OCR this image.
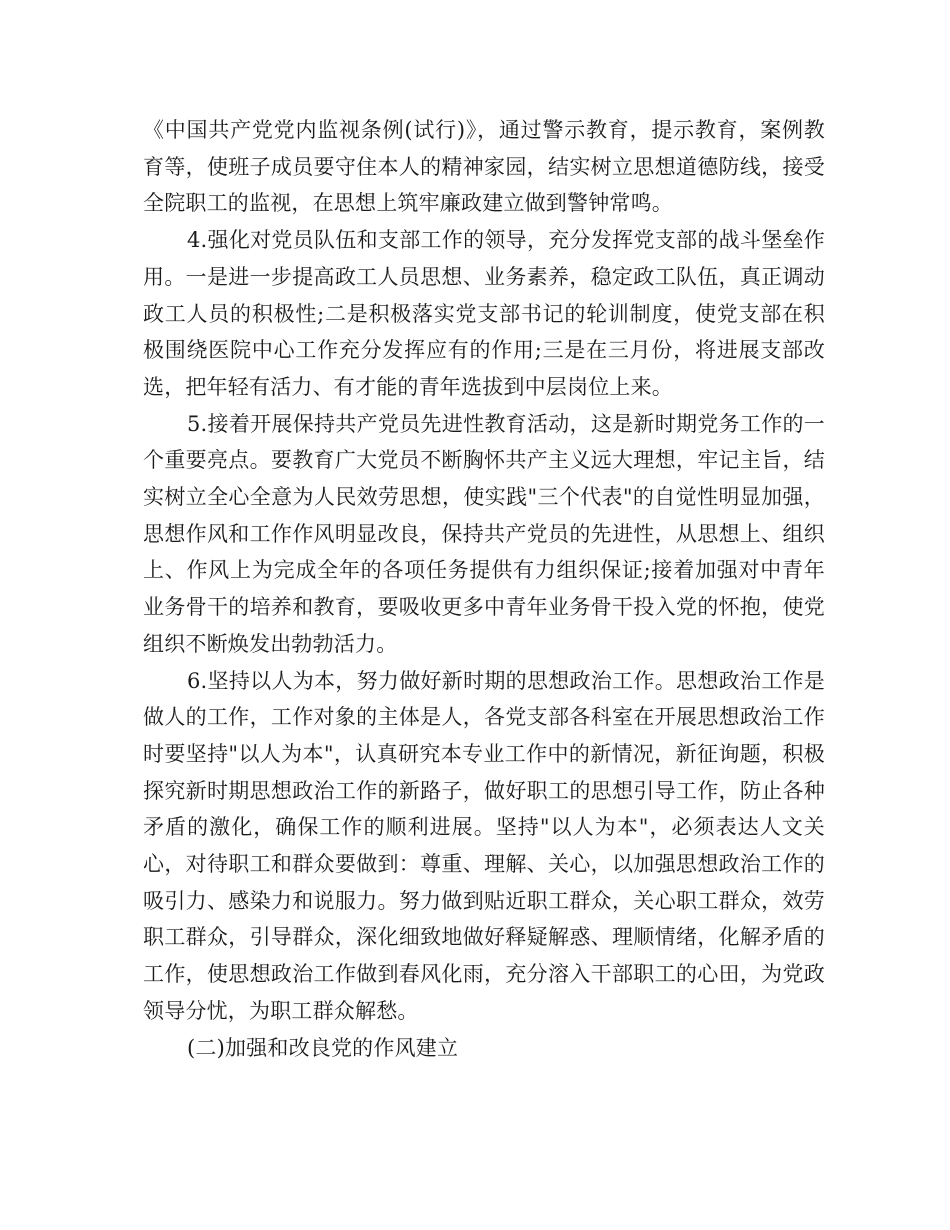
《中国共产党党内监视条例(试行)》，通过警示教育，提示教育，案例教育等，使班子成员要守住本人的精神家园，结实树立思想道德防线，接受全院职工的监视，在思想上筑牢廉政建立做到警钟常鸣。

4.强化对党员队伍和支部工作的领导，充分发挥党支部的战斗堡垒作用。一是进一步提高政工人员思想、业务素养，稳定政工队伍，真正调动政工人员的积极性;二是积极落实党支部书记的轮训制度，使党支部在积极围绕医院中心工作充分发挥应有的作用;三是在三月份，将进展支部改选，把年轻有活力、有才能的青年选拔到中层岗位上来。

5.接着开展保持共产党员先进性教育活动，这是新时期党务工作的一个重要亮点。要教育广大党员不断胸怀共产主义远大理想，牢记主旨，结实树立全心全意为人民效劳思想，使实践"三个代表"的自觉性明显加强，思想作风和工作作风明显改良，保持共产党员的先进性，从思想上、组织上、作风上为完成全年的各项任务提供有力组织保证;接着加强对中青年业务骨干的培养和教育，要吸收更多中青年业务骨干投入党的怀抱，使党组织不断焕发出勃勃活力。

6.坚持以人为本，努力做好新时期的思想政治工作。思想政治工作是做人的工作，工作对象的主体是人，各党支部各科室在开展思想政治工作时要坚持"以人为本"，认真研究本专业工作中的新情况，新征询题，积极探究新时期思想政治工作的新路子，做好职工的思想引导工作，防止各种矛盾的激化，确保工作的顺利进展。坚持"以人为本"，必须表达人文关心，对待职工和群众要做到：尊重、理解、关心，以加强思想政治工作的吸引力、感染力和说服力。努力做到贴近职工群众，关心职工群众，效劳职工群众，引导群众，深化细致地做好释疑解惑、理顺情绪，化解矛盾的工作，使思想政治工作做到春风化雨，充分溶入干部职工的心田，为党政领导分忧，为职工群众解愁。

(二)加强和改良党的作风建立
